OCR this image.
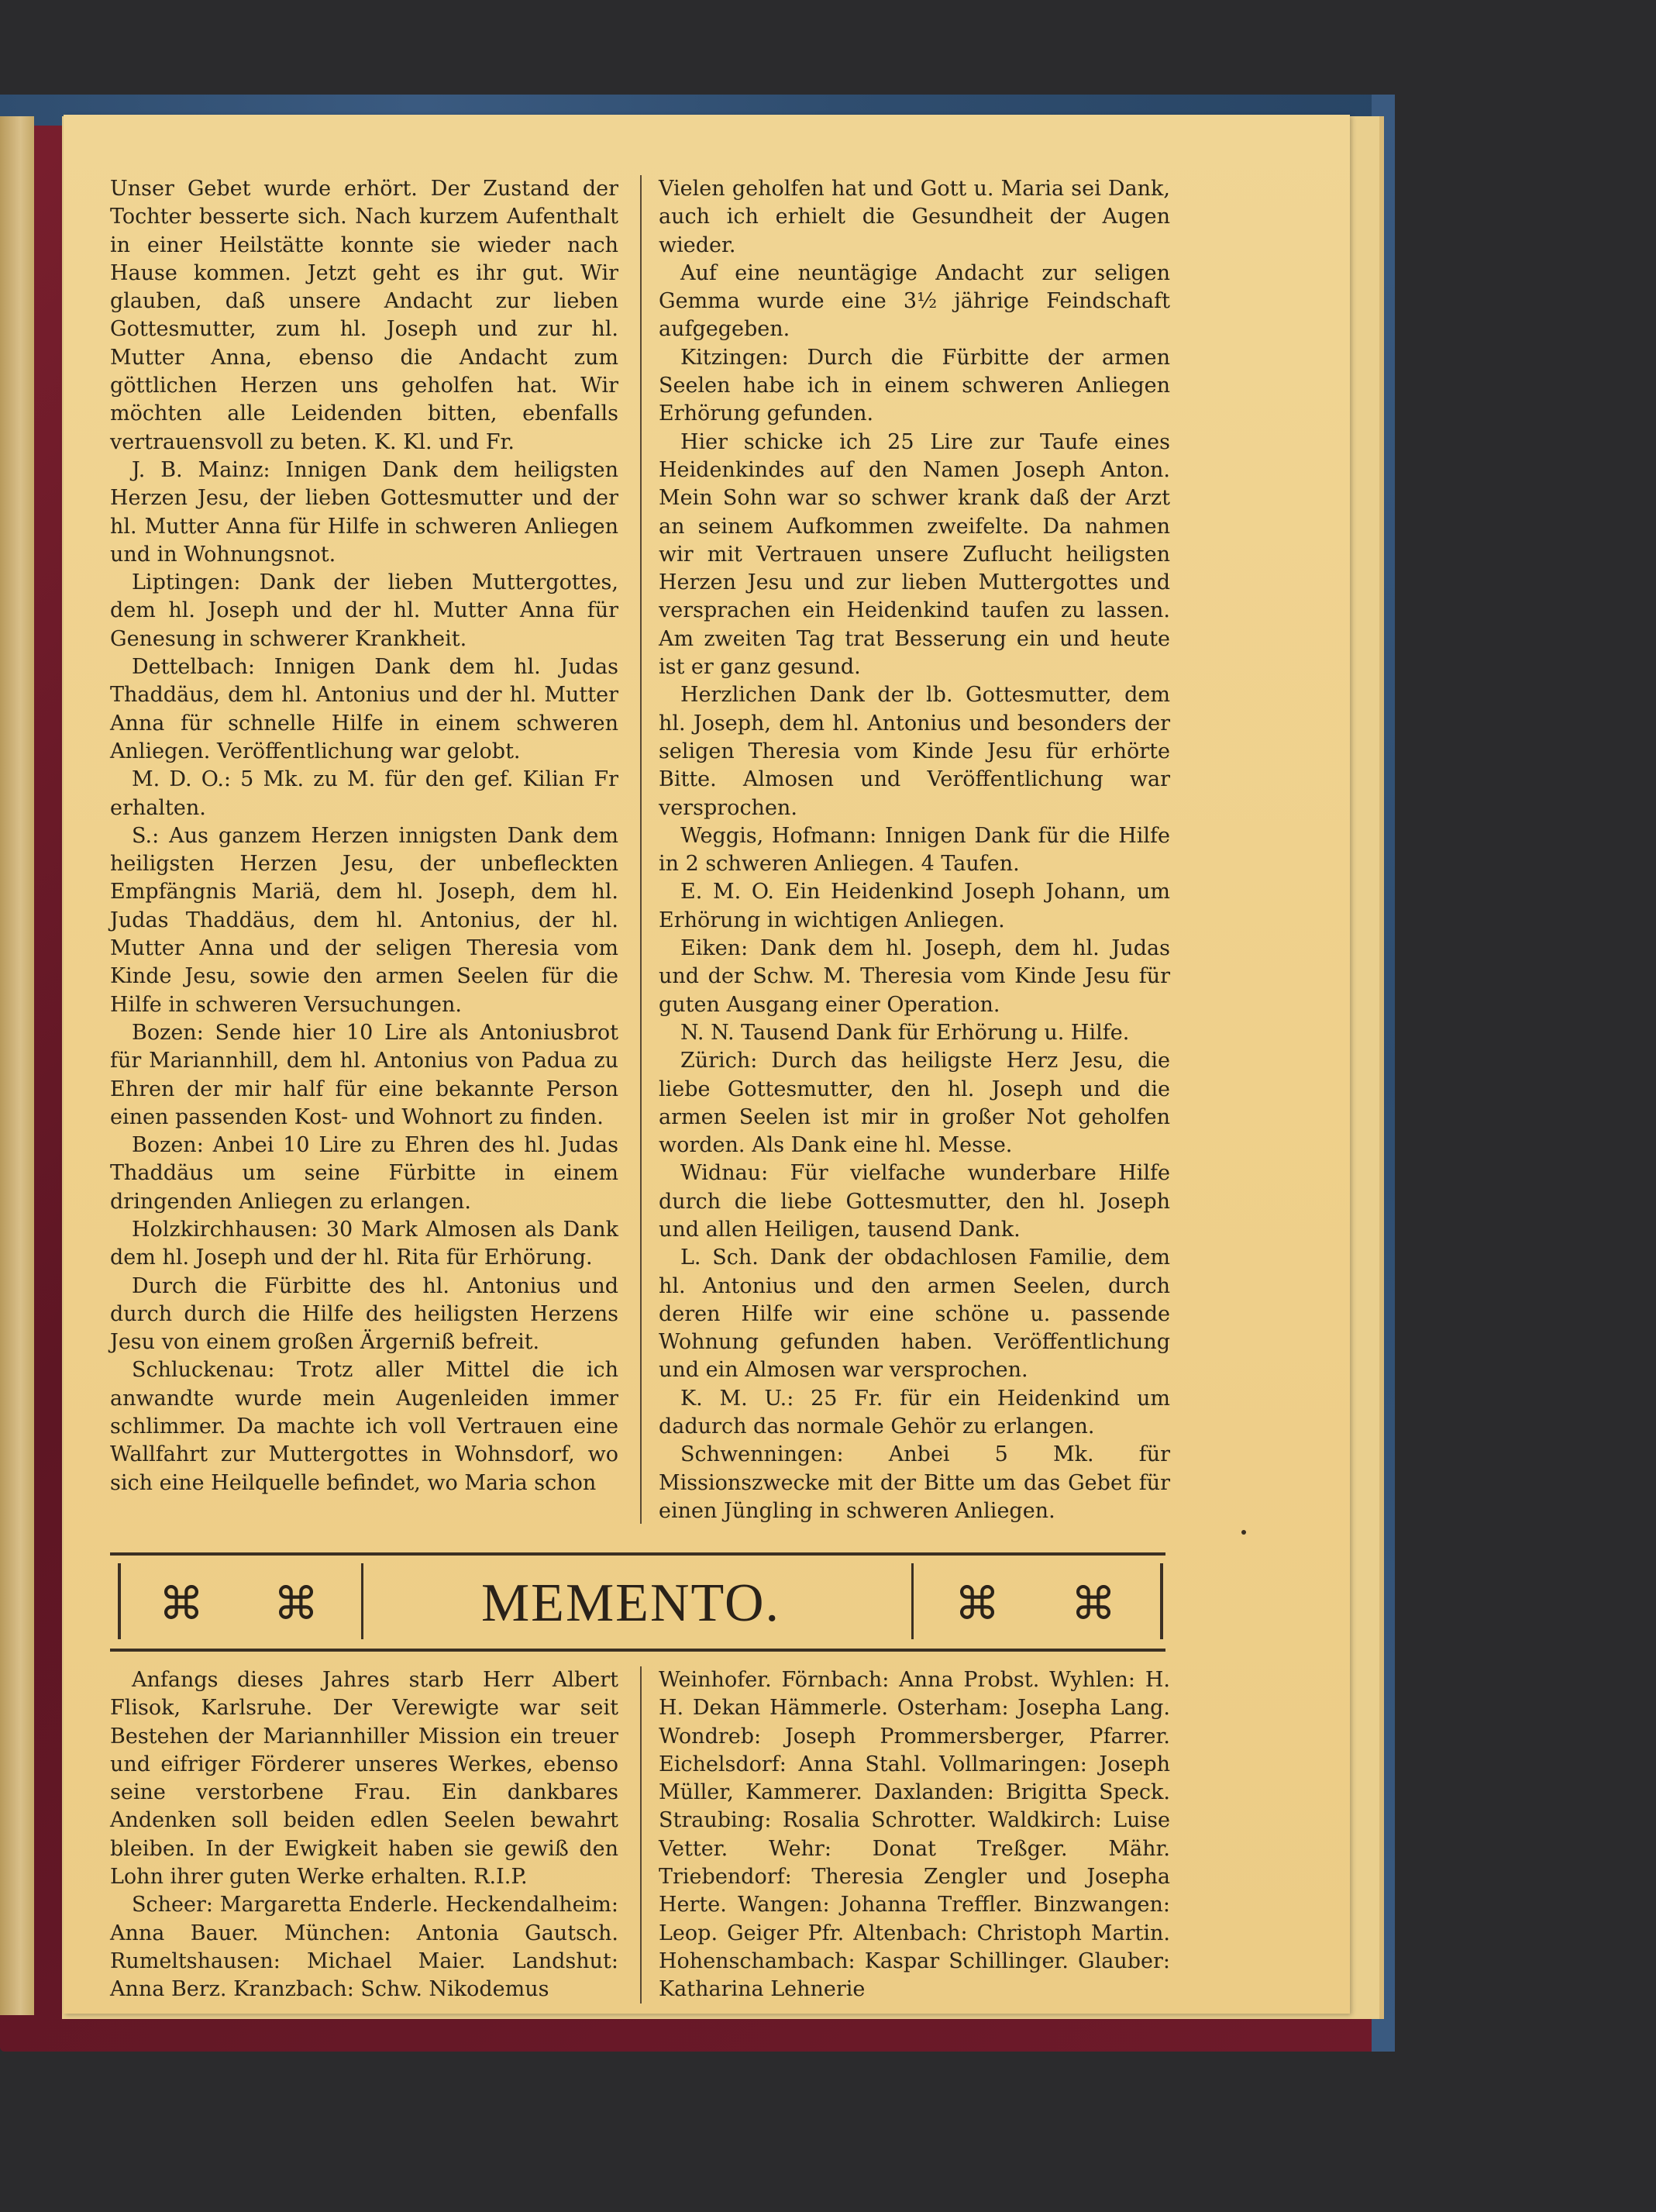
Unser Gebet wurde erhört. Der Zustand der Tochter besserte sich. Nach kurzem Aufenthalt in einer Heilstätte konnte sie wieder nach Hause kommen. Jetzt geht es ihr gut. Wir glauben, daß unsere Andacht zur lieben Gottesmutter, zum hl. Joseph und zur hl. Mutter Anna, ebenso die Andacht zum göttlichen Herzen uns geholfen hat. Wir möchten alle Leidenden bitten, ebenfalls vertrauensvoll zu beten. K. Kl. und Fr.

J. B. Mainz: Innigen Dank dem heiligsten Herzen Jesu, der lieben Gottesmutter und der hl. Mutter Anna für Hilfe in schweren Anliegen und in Wohnungsnot.

Liptingen: Dank der lieben Muttergottes, dem hl. Joseph und der hl. Mutter Anna für Genesung in schwerer Krankheit.

Dettelbach: Innigen Dank dem hl. Judas Thaddäus, dem hl. Antonius und der hl. Mutter Anna für schnelle Hilfe in einem schweren Anliegen. Veröffentlichung war gelobt.

M. D. O.: 5 Mk. zu M. für den gef. Kilian Fr erhalten.

S.: Aus ganzem Herzen innigsten Dank dem heiligsten Herzen Jesu, der unbefleckten Empfängnis Mariä, dem hl. Joseph, dem hl. Judas Thaddäus, dem hl. Antonius, der hl. Mutter Anna und der seligen Theresia vom Kinde Jesu, sowie den armen Seelen für die Hilfe in schweren Versuchungen.

Bozen: Sende hier 10 Lire als Antoniusbrot für Mariannhill, dem hl. Antonius von Padua zu Ehren der mir half für eine bekannte Person einen passenden Kost- und Wohnort zu finden.

Bozen: Anbei 10 Lire zu Ehren des hl. Judas Thaddäus um seine Fürbitte in einem dringenden Anliegen zu erlangen.

Holzkirchhausen: 30 Mark Almosen als Dank dem hl. Joseph und der hl. Rita für Erhörung.

Durch die Fürbitte des hl. Antonius und durch durch die Hilfe des heiligsten Herzens Jesu von einem großen Ärgerniß befreit.

Schluckenau: Trotz aller Mittel die ich anwandte wurde mein Augenleiden immer schlimmer. Da machte ich voll Vertrauen eine Wallfahrt zur Muttergottes in Wohnsdorf, wo sich eine Heilquelle befindet, wo Maria schon

Vielen geholfen hat und Gott u. Maria sei Dank, auch ich erhielt die Gesundheit der Augen wieder.

Auf eine neuntägige Andacht zur seligen Gemma wurde eine 3½ jährige Feindschaft aufgegeben.

Kitzingen: Durch die Fürbitte der armen Seelen habe ich in einem schweren Anliegen Erhörung gefunden.

Hier schicke ich 25 Lire zur Taufe eines Heidenkindes auf den Namen Joseph Anton. Mein Sohn war so schwer krank daß der Arzt an seinem Aufkommen zweifelte. Da nahmen wir mit Vertrauen unsere Zuflucht heiligsten Herzen Jesu und zur lieben Muttergottes und versprachen ein Heidenkind taufen zu lassen. Am zweiten Tag trat Besserung ein und heute ist er ganz gesund.

Herzlichen Dank der lb. Gottesmutter, dem hl. Joseph, dem hl. Antonius und besonders der seligen Theresia vom Kinde Jesu für erhörte Bitte. Almosen und Veröffentlichung war versprochen.

Weggis, Hofmann: Innigen Dank für die Hilfe in 2 schweren Anliegen. 4 Taufen.

E. M. O. Ein Heidenkind Joseph Johann, um Erhörung in wichtigen Anliegen.

Eiken: Dank dem hl. Joseph, dem hl. Judas und der Schw. M. Theresia vom Kinde Jesu für guten Ausgang einer Operation.

N. N. Tausend Dank für Erhörung u. Hilfe.

Zürich: Durch das heiligste Herz Jesu, die liebe Gottesmutter, den hl. Joseph und die armen Seelen ist mir in großer Not geholfen worden. Als Dank eine hl. Messe.

Widnau: Für vielfache wunderbare Hilfe durch die liebe Gottesmutter, den hl. Joseph und allen Heiligen, tausend Dank.

L. Sch. Dank der obdachlosen Familie, dem hl. Antonius und den armen Seelen, durch deren Hilfe wir eine schöne u. passende Wohnung gefunden haben. Veröffentlichung und ein Almosen war versprochen.

K. M. U.: 25 Fr. für ein Heidenkind um dadurch das normale Gehör zu erlangen.

Schwenningen: Anbei 5 Mk. für Missionszwecke mit der Bitte um das Gebet für einen Jüngling in schweren Anliegen.

⌘ ⌘	MEMENTO.	⌘ ⌘

Anfangs dieses Jahres starb Herr Albert Flisok, Karlsruhe. Der Verewigte war seit Bestehen der Mariannhiller Mission ein treuer und eifriger Förderer unseres Werkes, ebenso seine verstorbene Frau. Ein dankbares Andenken soll beiden edlen Seelen bewahrt bleiben. In der Ewigkeit haben sie gewiß den Lohn ihrer guten Werke erhalten. R.I.P.

Scheer: Margaretta Enderle. Heckendalheim: Anna Bauer. München: Antonia Gautsch. Rumeltshausen: Michael Maier. Landshut: Anna Berz. Kranzbach: Schw. Nikodemus

Weinhofer. Förnbach: Anna Probst. Wyhlen: H. H. Dekan Hämmerle. Osterham: Josepha Lang. Wondreb: Joseph Prommersberger, Pfarrer. Eichelsdorf: Anna Stahl. Vollmaringen: Joseph Müller, Kammerer. Daxlanden: Brigitta Speck. Straubing: Rosalia Schrotter. Waldkirch: Luise Vetter. Wehr: Donat Treßger. Mähr. Triebendorf: Theresia Zengler und Josepha Herte. Wangen: Johanna Treffler. Binzwangen: Leop. Geiger Pfr. Altenbach: Christoph Martin. Hohenschambach: Kaspar Schillinger. Glauber: Katharina Lehnerie
